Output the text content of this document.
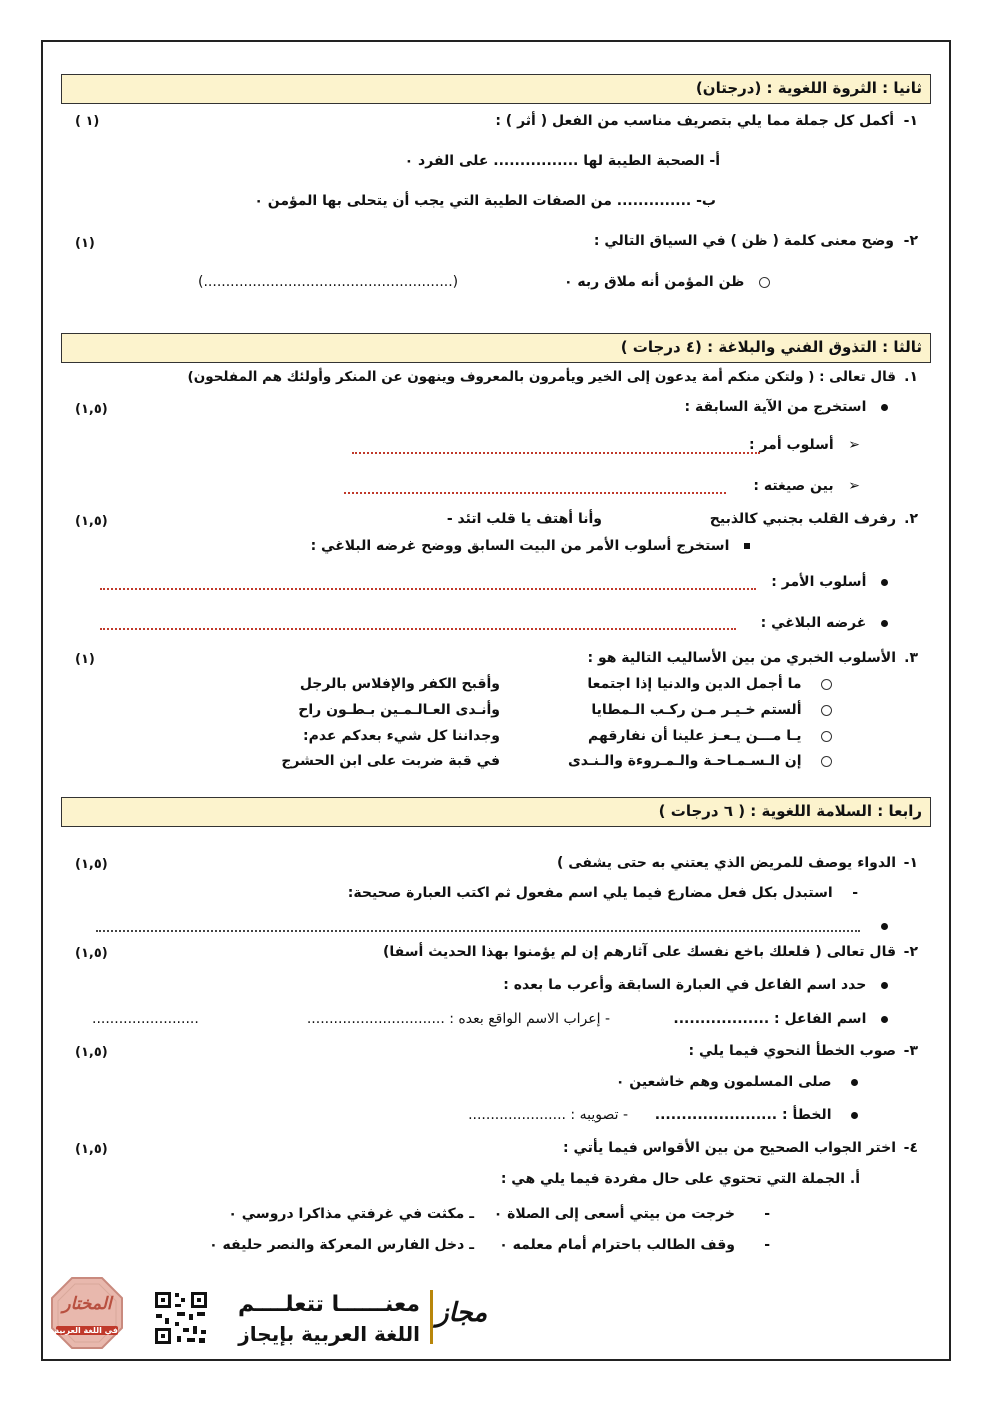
ثانيا : الثروة اللغوية : (درجتان)
١-
أكمل كل جملة مما يلي بتصريف مناسب من الفعل ( أثر ) :
( ١)
أ- الصحبة الطيبة لها ................ على الفرد ٠
ب- .............. من الصفات الطيبة التي يجب أن يتحلى بها المؤمن ٠
٢-
وضح معنى كلمة ( ظن ) في السياق التالي :
(١)
ظن المؤمن أنه ملاق ربه ٠
(........................................................)
ثالثا : التذوق الفني والبلاغة : (٤ درجات )
١.
قال تعالى : ( ولتكن منكم أمة يدعون إلى الخير ويأمرون بالمعروف وينهون عن المنكر وأولئك هم المفلحون)
استخرج من الآية السابقة :
(١,٥)
➢   أسلوب أمر :
➢   بين صيغته :
٢.
رفرف القلب بجنبي كالذبيح
وأنا أهتف يا قلب اتئد -
(١,٥)
استخرج أسلوب الأمر من البيت السابق ووضح غرضه البلاغي :
أسلوب الأمر :
غرضه البلاغي :
٣.
الأسلوب الخبري من بين الأساليب التالية هو :
(١)
ما أجمل الدين والدنيا إذا اجتمعا
وأقبح الكفر والإفلاس بالرجل
ألستم خـيـر مـن ركـب الـمطايا
وأنـدى العـالـمـين بـطـون راح
يـا مـــن يـعـز علينا أن نفارقهم
وجداننا كل شيء بعدكم عدم:
إن الـسـمـاحـة والـمـروءة والـنـدى
في قبة ضربت على ابن الحشرج
رابعا : السلامة اللغوية : ( ٦ درجات )
١-
الدواء يوصف للمريض الذي يعتني به حتى يشفى )
(١,٥)
-    استبدل بكل فعل مضارع فيما يلي اسم مفعول ثم اكتب العبارة صحيحة:
٢-
قال تعالى ( فلعلك باخع نفسك على آثارهم إن لم يؤمنوا بهذا الحديث أسفا)
(١,٥)
حدد اسم الفاعل في العبارة السابقة وأعرب ما بعده :
اسم الفاعل : ..................
- إعراب الاسم الواقع بعده : ...............................
........................
٣-
صوب الخطأ النحوي فيما يلي :
(١,٥)
صلى المسلمون وهم خاشعين ٠
الخطأ : .......................
- تصويبه : ......................
٤-
اختر الجواب الصحيح من بين الأقواس فيما يأتي :
(١,٥)
أ. الجملة التي تحتوي على حال مفردة فيما يلي هي :
-      خرجت من بيتي أسعى إلى الصلاة ٠
ـ مكثت في غرفتي مذاكرا دروسي ٠
-      وقف الطالب باحترام أمام معلمه ٠
ـ دخل الفارس المعركة والنصر حليفه ٠
مجاز
معنــــــا تتعلــــم
اللغة العربية بإيجاز
المختار
في اللغة العربية
